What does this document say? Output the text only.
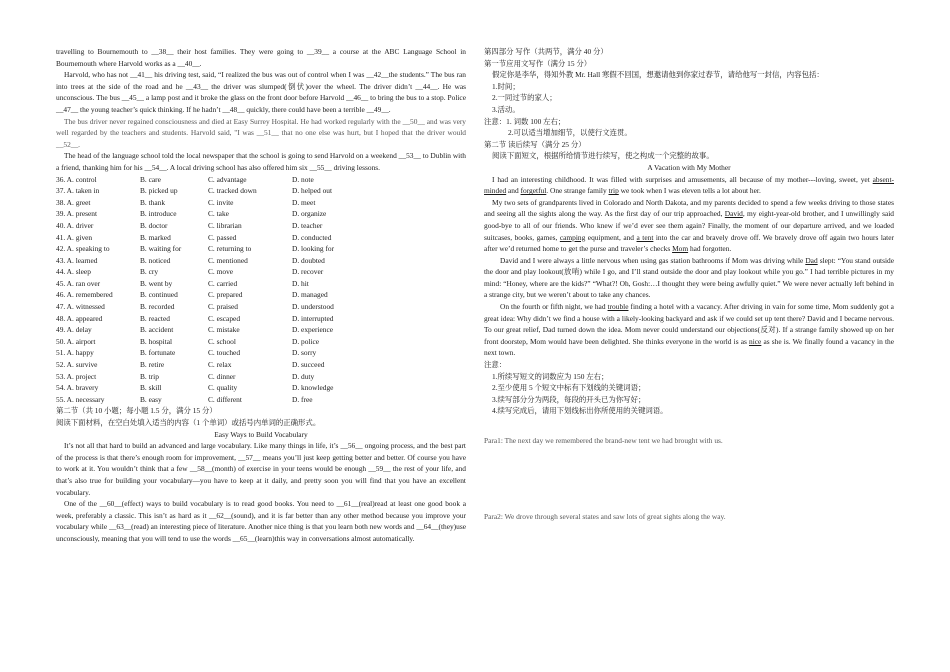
travelling to Bournemouth to __38__ their host families. They were going to __39__ a course at the ABC Language School in Bournemouth where Harvold works as a __40__.

Harvold, who has not __41__ his driving test, said, “I realized the bus was out of control when I was __42__the students.” The bus ran into trees at the side of the road and he __43__ the driver was slumped(倒伏)over the wheel. The driver didn’t __44__. He was unconscious. The bus __45__ a lamp post and it broke the glass on the front door before Harvold __46__ to bring the bus to a stop. Police __47__ the young teacher’s quick thinking. If he hadn’t __48__ quickly, there could have been a terrible __49__.

The bus driver never regained consciousness and died at Easy Surrey Hospital. He had worked regularly with the __50__ and was very well regarded by the teachers and students. Harvold said, "I was __51__ that no one else was hurt, but I hoped that the driver would __52__.

The head of the language school told the local newspaper that the school is going to send Harvold on a weekend __53__ to Dublin with a friend, thanking him for his __54__. A local driving school has also offered him six __55__ driving lessons.

36. A. control	B. care	C. advantage	D. note
37. A. taken in	B. picked up	C. tracked down	D. helped out
38. A. greet	B. thank	C. invite	D. meet
39. A. present	B. introduce	C. take	D. organize
40. A. driver	B. doctor	C. librarian	D. teacher
41. A. given	B. marked	C. passed	D. conducted
42. A. speaking to	B. waiting for	C. returning to	D. looking for
43. A. learned	B. noticed	C. mentioned	D. doubted
44. A. sleep	B. cry	C. move	D. recover
45. A. ran over	B. went by	C. carried	D. hit
46. A. remembered	B. continued	C. prepared	D. managed
47. A. witnessed	B. recorded	C. praised	D. understood
48. A. appeared	B. reacted	C. escaped	D. interrupted
49. A. delay	B. accident	C. mistake	D. experience
50. A. airport	B. hospital	C. school	D. police
51. A. happy	B. fortunate	C. touched	D. sorry
52. A. survive	B. retire	C. relax	D. succeed
53. A. project	B. trip	C. dinner	D. duty
54. A. bravery	B. skill	C. quality	D. knowledge
55. A. necessary	B. easy	C. different	D. free

第二节（共 10 小题；每小题 1.5 分，满分 15 分）

阅读下面材料，在空白处填入适当的内容（1 个单词）或括号内单词的正确形式。

Easy Ways to Build Vocabulary

It’s not all that hard to build an advanced and large vocabulary. Like many things in life, it’s __56__ ongoing process, and the best part of the process is that there’s enough room for improvement, __57__ means you’ll just keep getting better and better. Of course you have to work at it. You wouldn’t think that a few __58__(month) of exercise in your teens would be enough __59__ the rest of your life, and that’s also true for building your vocabulary—you have to keep at it daily, and pretty soon you will find that you have an excellent vocabulary.

One of the __60__(effect) ways to build vocabulary is to read good books. You need to __61__(real)read at least one good book a week, preferably a classic. This isn’t as hard as it __62__(sound), and it is far better than any other method because you improve your vocabulary while __63__(read) an interesting piece of literature. Another nice thing is that you learn both new words and __64__(they)use unconsciously, meaning that you will tend to use the words __65__(learn)this way in conversations almost automatically.

第四部分 写作（共两节，满分 40 分）

第一节应用文写作（满分 15 分）

假定你是李华，得知外教 Mr. Hall 寒假不回国，想邀请他到你家过春节，请给他写一封信，内容包括：

1.时间；

2.一同过节的家人；

3.活动。

注意：1. 词数 100 左右；

2.可以适当增加细节，以使行文连贯。

第二节 读后续写（满分 25 分）

阅读下面短文，根据所给情节进行续写，使之构成一个完整的故事。

A Vacation with My Mother

I had an interesting childhood. It was filled with surprises and amusements, all because of my mother---loving, sweet, yet absent-minded and forgetful. One strange family trip we took when I was eleven tells a lot about her.

My two sets of grandparents lived in Colorado and North Dakota, and my parents decided to spend a few weeks driving to those states and seeing all the sights along the way. As the first day of our trip approached, David, my eight-year-old brother, and I unwillingly said good-bye to all of our friends. Who knew if we’d ever see them again? Finally, the moment of our departure arrived, and we loaded suitcases, books, games, camping equipment, and a tent into the car and bravely drove off. We bravely drove off again two hours later after we’d returned home to get the purse and traveler’s checks Mom had forgotten.

David and I were always a little nervous when using gas station bathrooms if Mom was driving while Dad slept: “You stand outside the door and play lookout(放哨) while I go, and I’ll stand outside the door and play lookout while you go.” I had terrible pictures in my mind: “Honey, where are the kids?” “What?! Oh, Gosh:…I thought they were being awfully quiet.” We were never actually left behind in a strange city, but we weren’t about to take any chances.

On the fourth or fifth night, we had trouble finding a hotel with a vacancy. After driving in vain for some time, Mom suddenly got a great idea: Why didn’t we find a house with a likely-looking backyard and ask if we could set up tent there? David and I became nervous. To our great relief, Dad turned down the idea. Mom never could understand our objections(反对). If a strange family showed up on her front doorstep, Mom would have been delighted. She thinks everyone in the world is as nice as she is. We finally found a vacancy in the next town.

注意：

1.所续写短文的词数应为 150 左右；

2.至少使用 5 个短文中标有下划线的关键词语；

3.续写部分分为两段，每段的开头已为你写好；

4.续写完成后，请用下划线标出你所使用的关键词语。

Para1: The next day we remembered the brand-new tent we had brought with us.

Para2: We drove through several states and saw lots of great sights along the way.
